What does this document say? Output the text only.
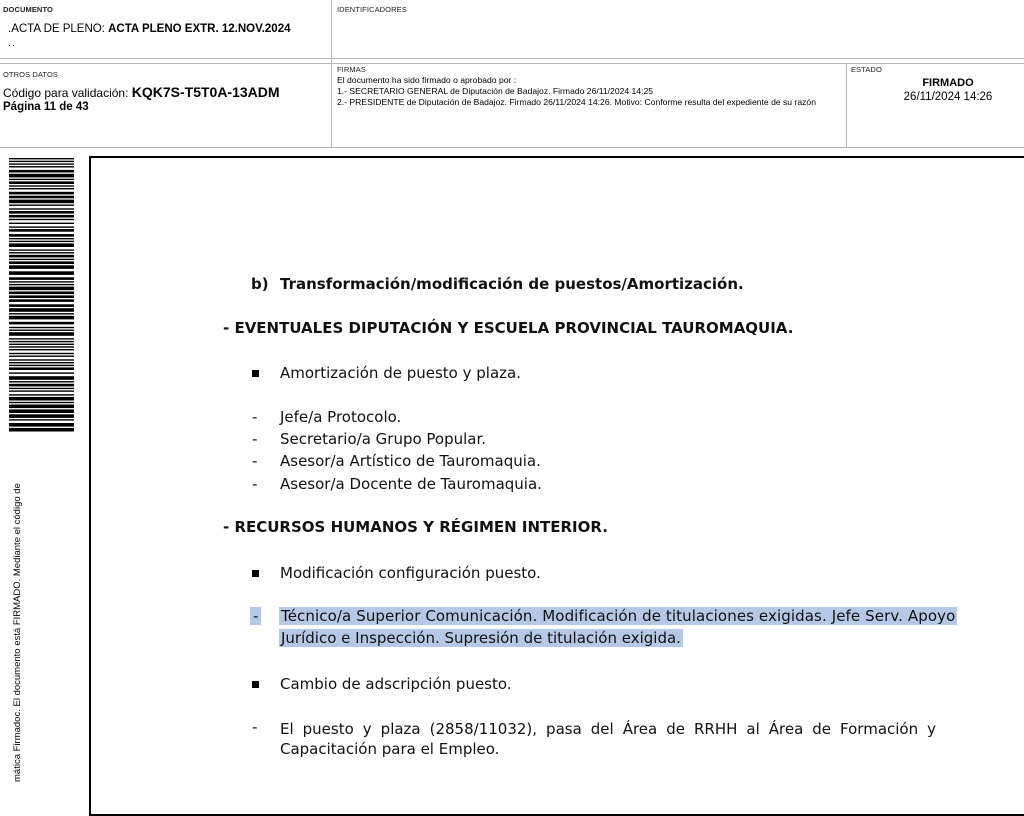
DOCUMENTO
.ACTA DE PLENO: ACTA PLENO EXTR. 12.NOV.2024
..
IDENTIFICADORES
OTROS DATOS
Código para validación: KQK7S-T5T0A-13ADM
Página 11 de 43
FIRMAS
El documento ha sido firmado o aprobado por :
1.- SECRETARIO GENERAL de Diputación de Badajoz. Firmado 26/11/2024 14:25
2.- PRESIDENTE de Diputación de Badajoz. Firmado 26/11/2024 14:26. Motivo: Conforme resulta del expediente de su razón
ESTADO
FIRMADO
26/11/2024 14:26
mática Firmadoc. El documento está FIRMADO. Mediante el código de
b) Transformación/modificación de puestos/Amortización.
- EVENTUALES DIPUTACIÓN Y ESCUELA PROVINCIAL TAUROMAQUIA.
Amortización de puesto y plaza.
- Jefe/a Protocolo.
- Secretario/a Grupo Popular.
- Asesor/a Artístico de Tauromaquia.
- Asesor/a Docente de Tauromaquia.
- RECURSOS HUMANOS Y RÉGIMEN INTERIOR.
Modificación configuración puesto.
- Técnico/a Superior Comunicación. Modificación de titulaciones exigidas. Jefe Serv. Apoyo
Jurídico e Inspección. Supresión de titulación exigida.
Cambio de adscripción puesto.
- El puesto y plaza (2858/11032), pasa del Área de RRHH al Área de Formación y
Capacitación para el Empleo.
